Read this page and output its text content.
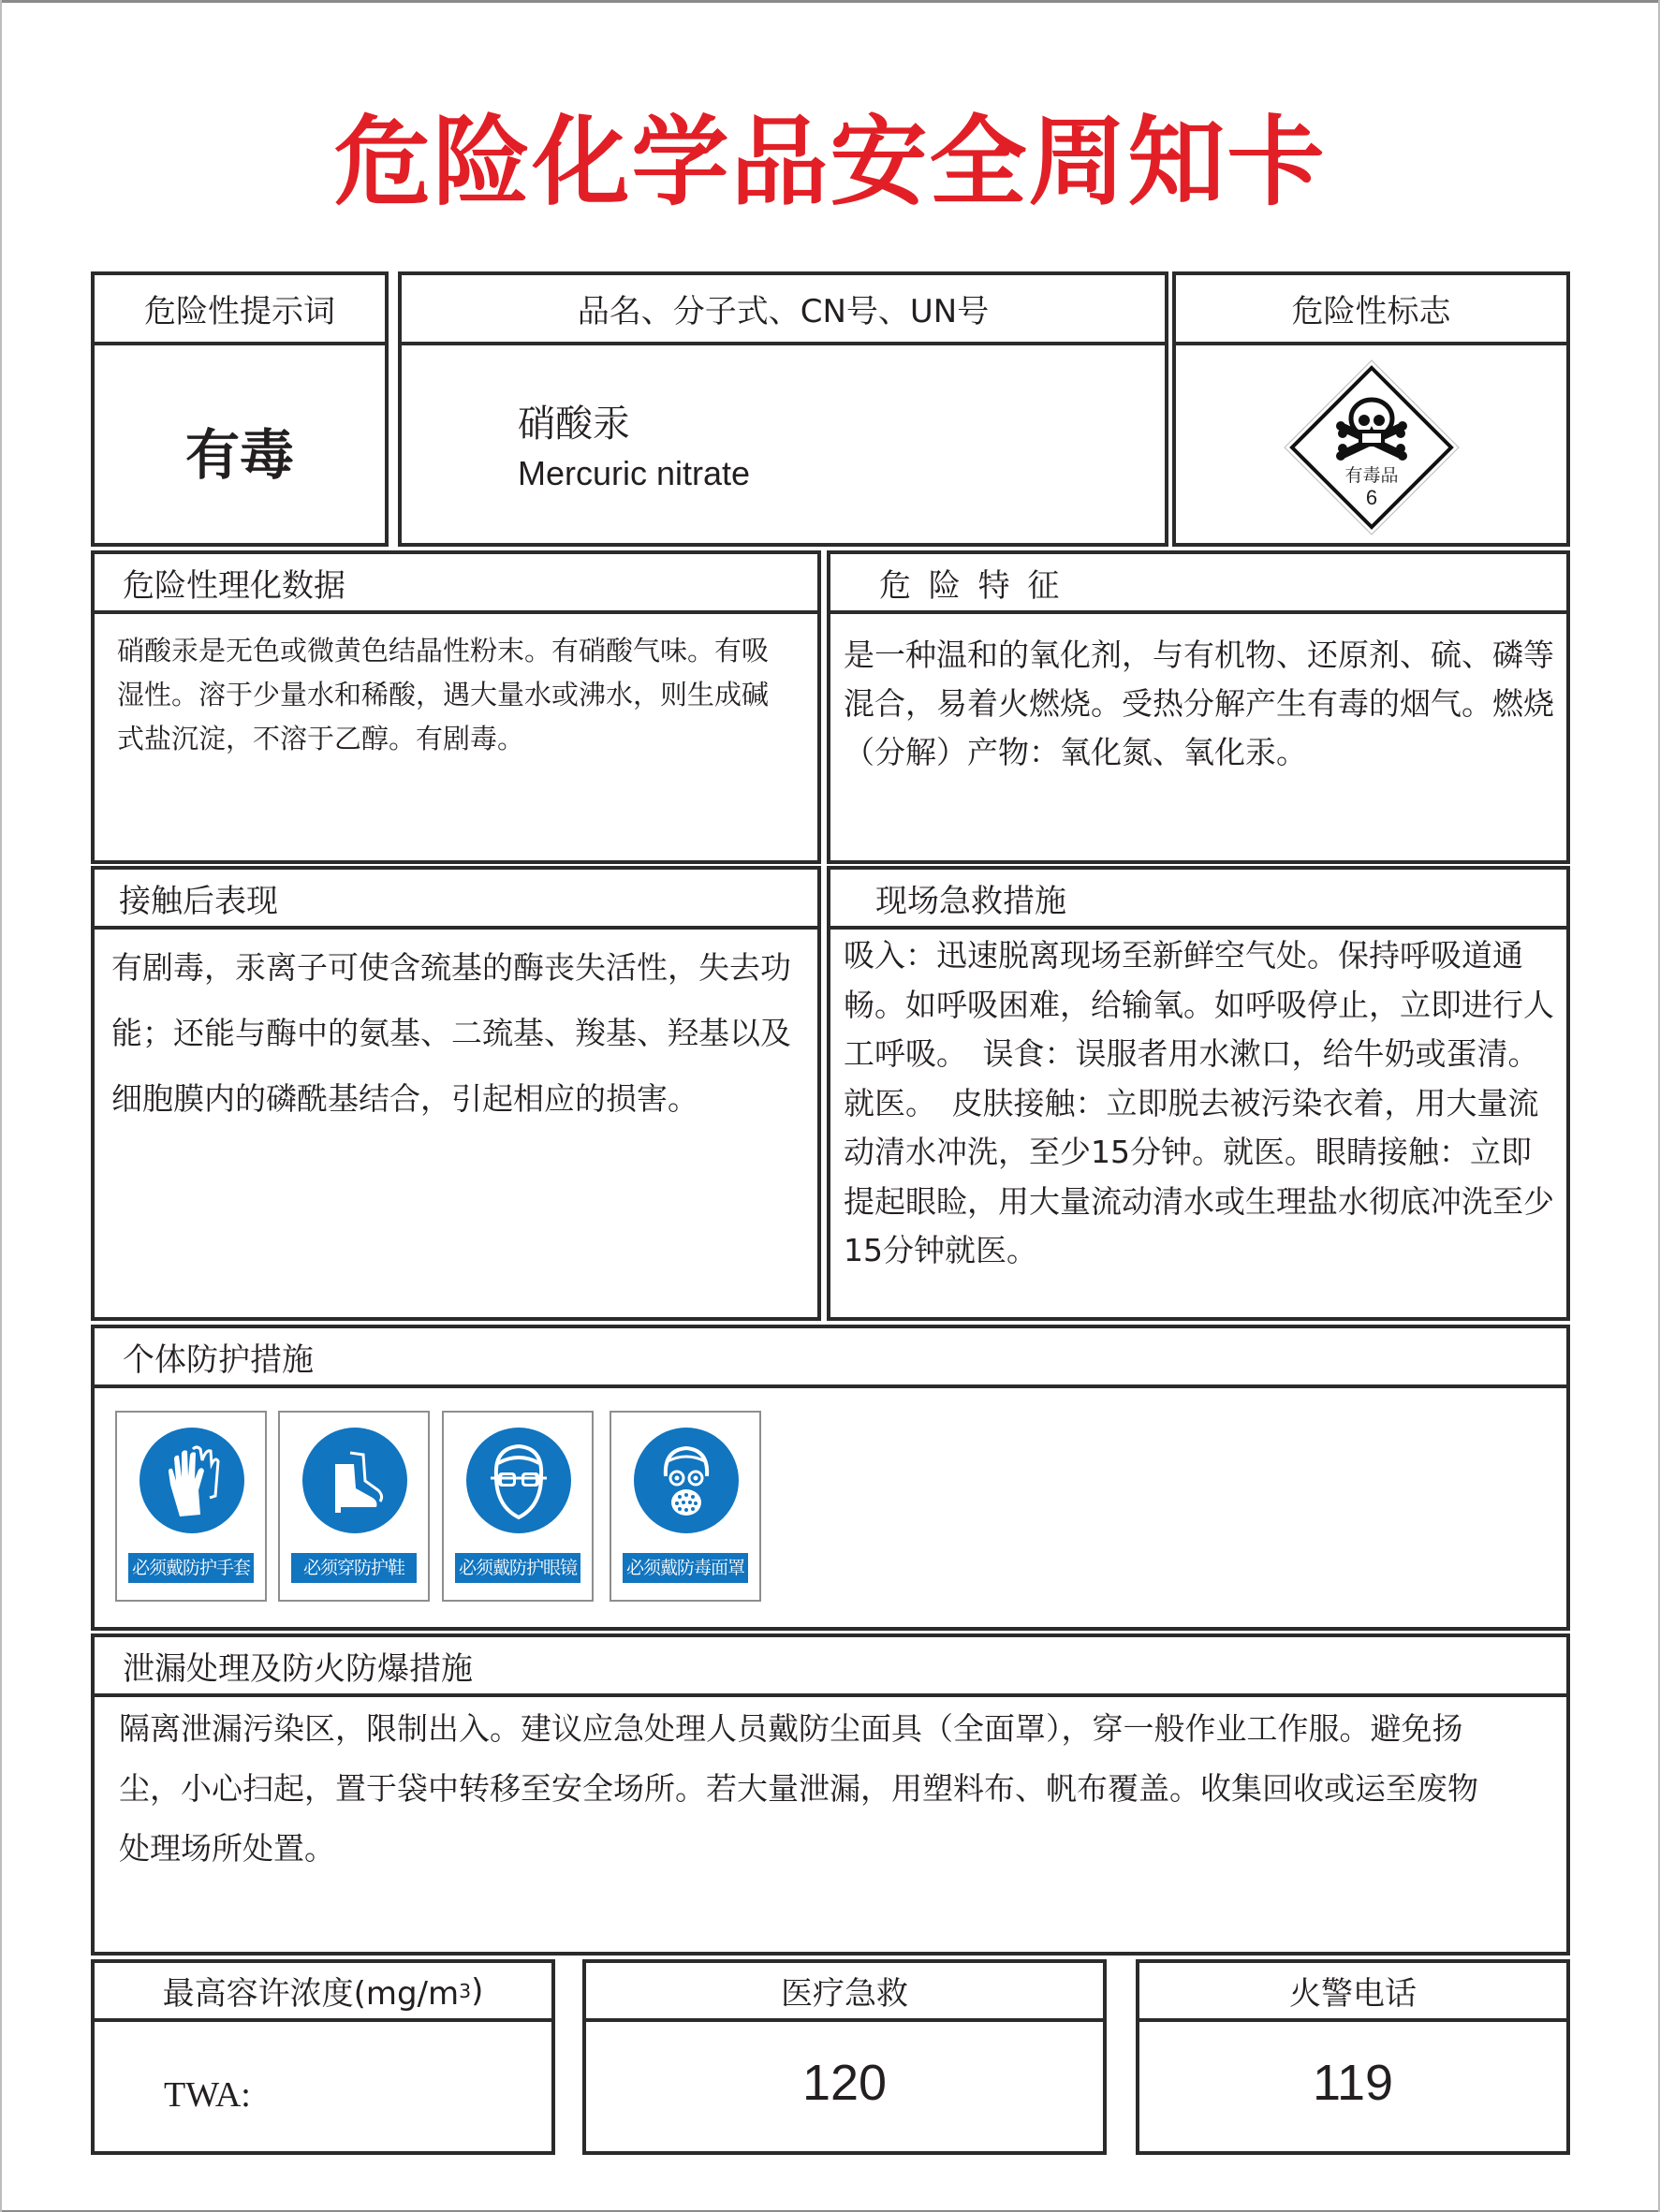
危险化学品安全周知卡
危险性提示词
有毒
品名、分子式、CN号、UN号
硝酸汞
Mercuric nitrate
危险性标志
有毒品
6
危险性理化数据
硝酸汞是无色或微黄色结晶性粉末。有硝酸气味。有吸湿性。溶于少量水和稀酸，遇大量水或沸水，则生成碱式盐沉淀，不溶于乙醇。有剧毒。
危 险 特 征
是一种温和的氧化剂，与有机物、还原剂、硫、磷等混合，易着火燃烧。受热分解产生有毒的烟气。燃烧（分解）产物：氧化氮、氧化汞。
接触后表现
有剧毒，汞离子可使含巯基的酶丧失活性，失去功能；还能与酶中的氨基、二巯基、羧基、羟基以及细胞膜内的磷酰基结合，引起相应的损害。
现场急救措施
吸入：迅速脱离现场至新鲜空气处。保持呼吸道通畅。如呼吸困难，给输氧。如呼吸停止，立即进行人工呼吸。　误食：误服者用水漱口，给牛奶或蛋清。就医。　皮肤接触：立即脱去被污染衣着，用大量流动清水冲洗，至少15分钟。就医。眼睛接触：立即提起眼睑，用大量流动清水或生理盐水彻底冲洗至少15分钟就医。
个体防护措施
必须戴防护手套	必须穿防护鞋	必须戴防护眼镜	必须戴防毒面罩
泄漏处理及防火防爆措施
隔离泄漏污染区，限制出入。建议应急处理人员戴防尘面具（全面罩），穿一般作业工作服。避免扬尘，小心扫起，置于袋中转移至安全场所。若大量泄漏，用塑料布、帆布覆盖。收集回收或运至废物处理场所处置。
最高容许浓度(mg/m 3 )
TWA:
医疗急救
120
火警电话
119
